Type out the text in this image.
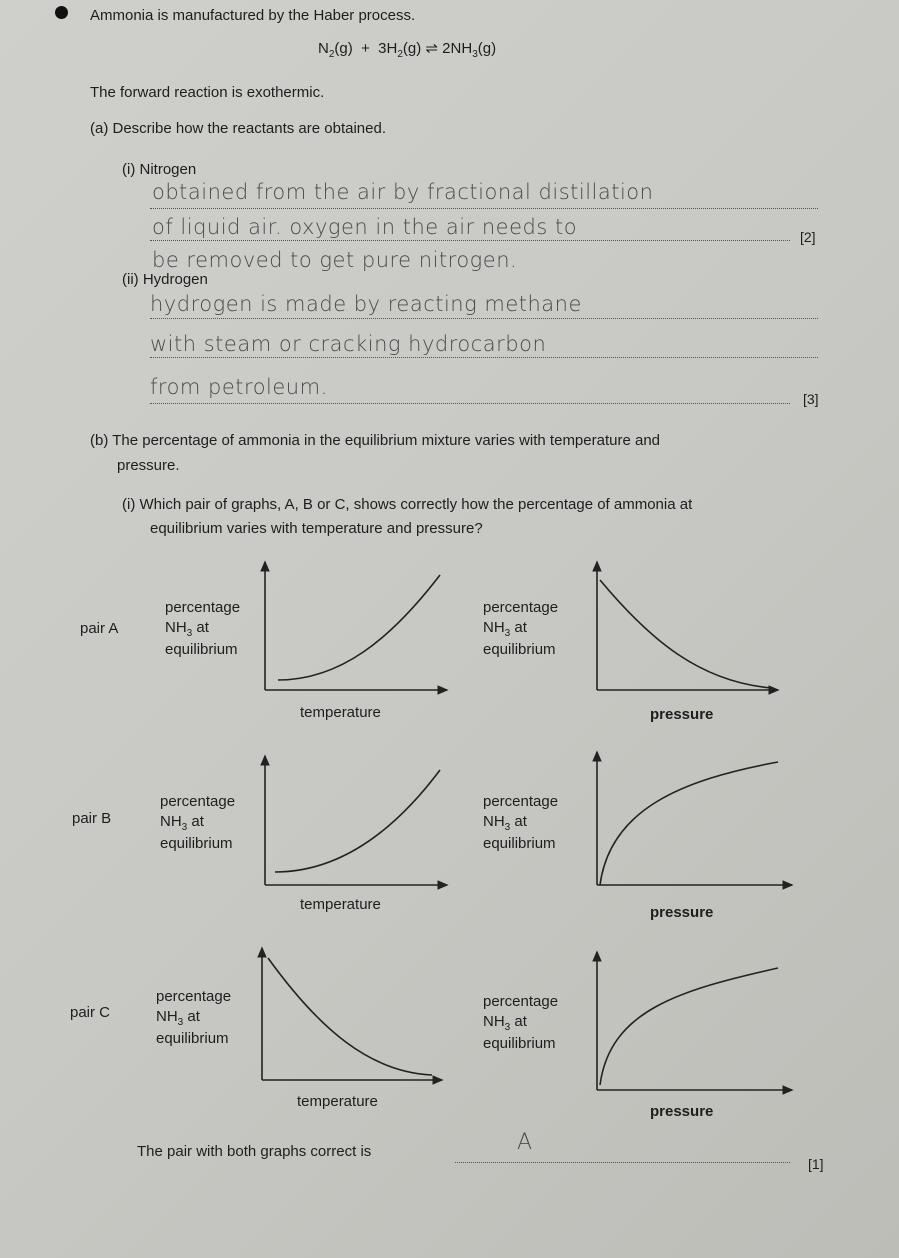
Ammonia is manufactured by the Haber process.
$N_2(g) + 3H_2(g)$ ⇌ $2NH_3(g)$
The forward reaction is exothermic.
(a) Describe how the reactants are obtained.
(i) Nitrogen
obtained from the air by fractional distillation
of liquid air. oxygen in the air needs to
be removed to get pure nitrogen.
[2]
(ii) Hydrogen
hydrogen is made by reacting methane
with steam or cracking hydrocarbon
from petroleum.	[3]
(b) The percentage of ammonia in the equilibrium mixture varies with temperature and
pressure.
(i) Which pair of graphs, A, B or C, shows correctly how the percentage of ammonia at
equilibrium varies with temperature and pressure?
pair A
pair B
pair C
percentage
$NH_3$ at
equilibrium
percentage
$NH_3$ at
equilibrium
percentage
$NH_3$ at
equilibrium
percentage
$NH_3$ at
equilibrium
percentage
$NH_3$ at
equilibrium
percentage
$NH_3$ at
equilibrium
temperature	pressure
temperature	pressure
temperature
pressure
The pair with both graphs correct is	A
[1]
